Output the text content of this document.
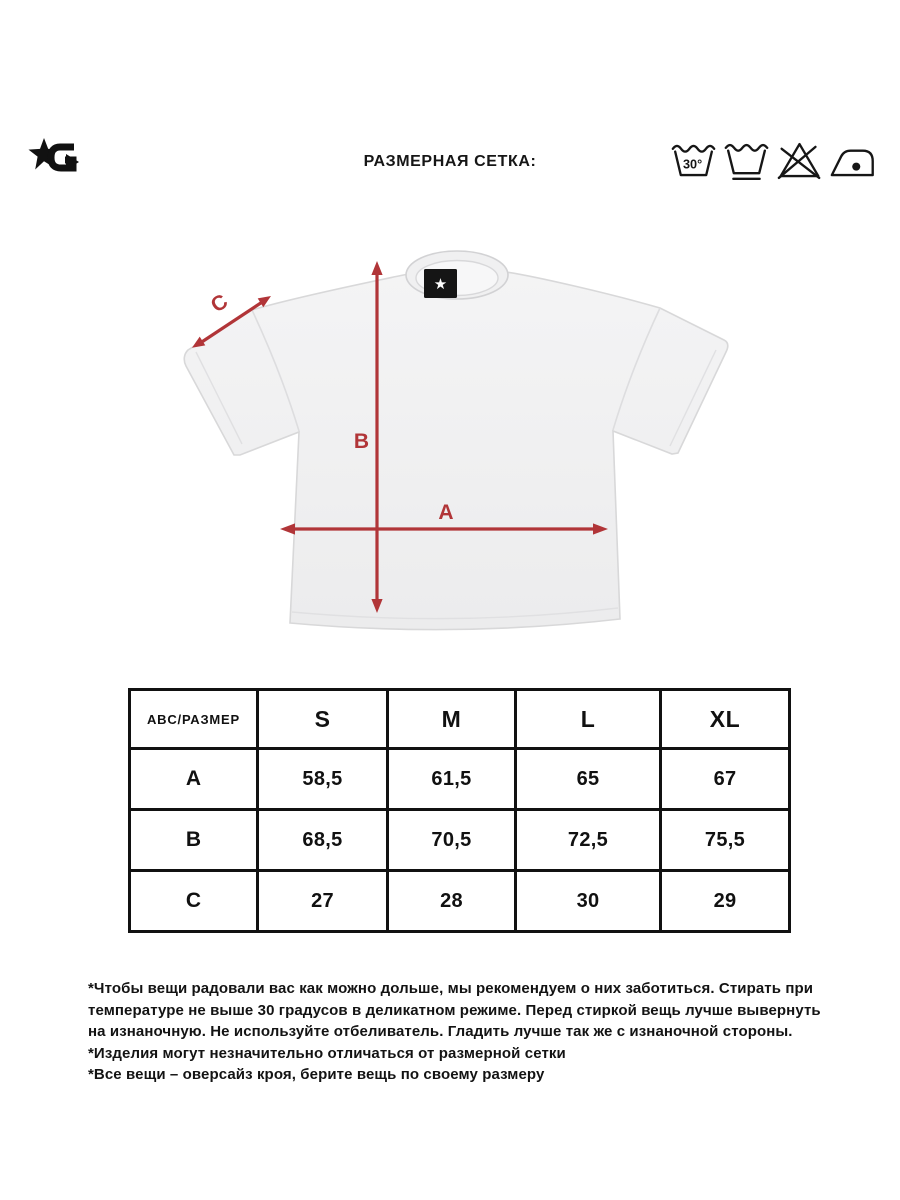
РАЗМЕРНАЯ СЕТКА:	30°
★
B
A
C
ABC/РАЗМЕР	S	M	L	XL
A	58,5	61,5	65	67
B	68,5	70,5	72,5	75,5
C	27	28	30	29

*Чтобы вещи радовали вас как можно дольше, мы рекомендуем о них заботиться. Стирать при температуре не выше 30 градусов в деликатном режиме. Перед стиркой вещь лучше вывернуть на изнаночную. Не используйте отбеливатель. Гладить лучше так же с изнаночной стороны.

*Изделия могут незначительно отличаться от размерной сетки

*Все вещи – оверсайз кроя, берите вещь по своему размеру
